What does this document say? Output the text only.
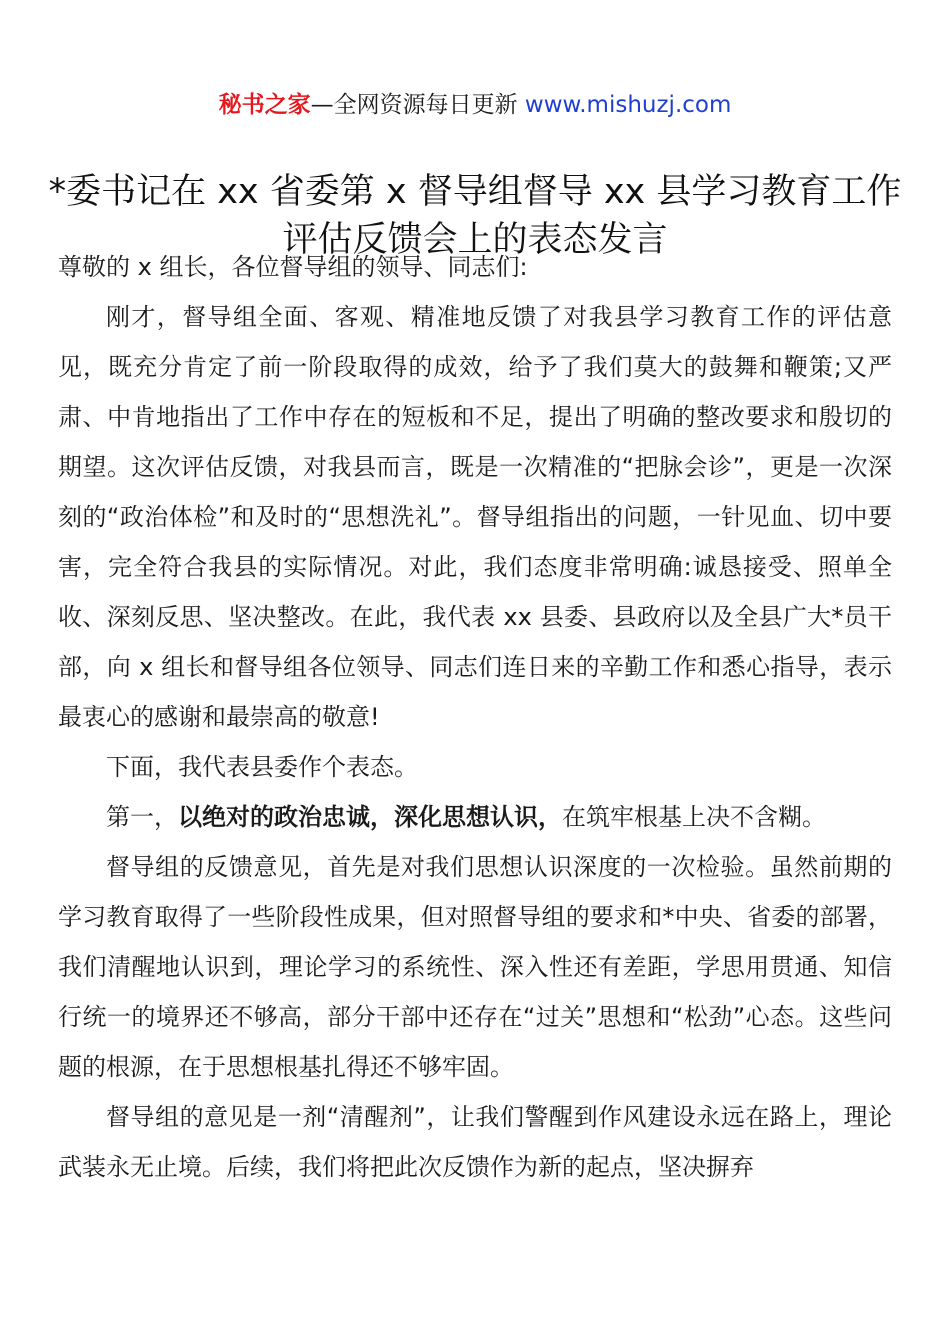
秘书之家—全网资源每日更新 www.mishuzj.com
*委书记在 xx 省委第 x 督导组督导 xx 县学习教育工作
评估反馈会上的表态发言

尊敬的 x 组长，各位督导组的领导、同志们:

刚才，督导组全面、客观、精准地反馈了对我县学习教育工作的评估意见，既充分肯定了前一阶段取得的成效，给予了我们莫大的鼓舞和鞭策;又严肃、中肯地指出了工作中存在的短板和不足，提出了明确的整改要求和殷切的期望。这次评估反馈，对我县而言，既是一次精准的“把脉会诊”，更是一次深刻的“政治体检”和及时的“思想洗礼”。督导组指出的问题，一针见血、切中要害，完全符合我县的实际情况。对此，我们态度非常明确:诚恳接受、照单全收、深刻反思、坚决整改。在此，我代表 xx 县委、县政府以及全县广大*员干部，向 x 组长和督导组各位领导、同志们连日来的辛勤工作和悉心指导，表示最衷心的感谢和最崇高的敬意!

下面，我代表县委作个表态。

第一，以绝对的政治忠诚，深化思想认识，在筑牢根基上决不含糊。

督导组的反馈意见，首先是对我们思想认识深度的一次检验。虽然前期的学习教育取得了一些阶段性成果，但对照督导组的要求和*中央、省委的部署，我们清醒地认识到，理论学习的系统性、深入性还有差距，学思用贯通、知信行统一的境界还不够高，部分干部中还存在“过关”思想和“松劲”心态。这些问题的根源，在于思想根基扎得还不够牢固。

督导组的意见是一剂“清醒剂”，让我们警醒到作风建设永远在路上，理论武装永无止境。后续，我们将把此次反馈作为新的起点，坚决摒弃
